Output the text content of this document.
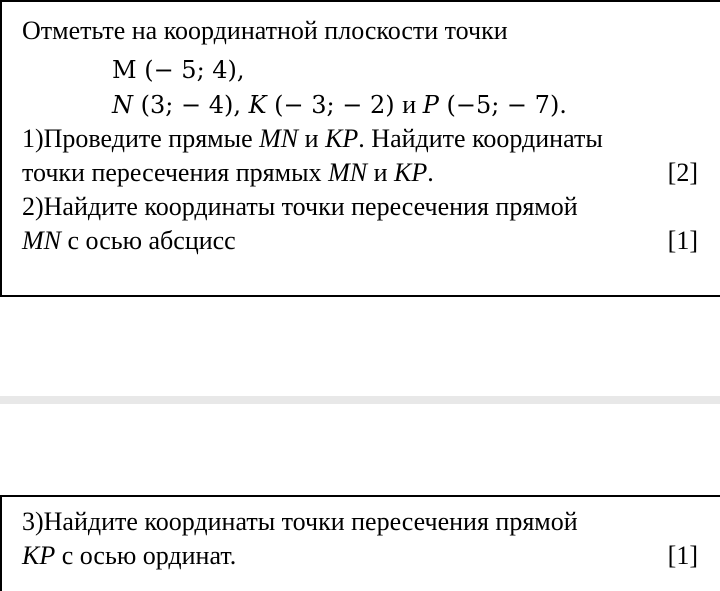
Отметьте на координатной плоскости точки
M (− 5; 4),
N (3; − 4), K (− 3; − 2) и P (−5; − 7).
1)Проведите прямые MN и KP. Найдите координаты
точки пересечения прямых MN и KP.	[2]
2)Найдите координаты точки пересечения прямой
MN с осью абсцисс	[1]
3)Найдите координаты точки пересечения прямой
KP с осью ординат.	[1]
